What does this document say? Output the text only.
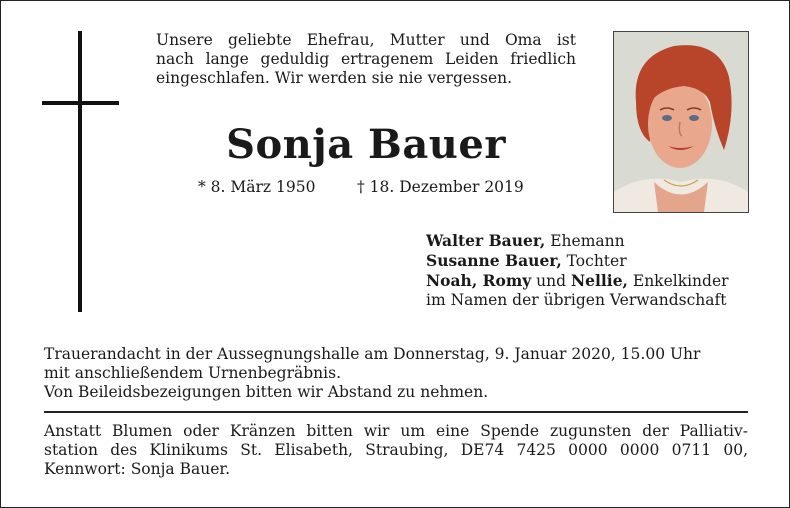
Unsere geliebte Ehefrau, Mutter und Oma ist
nach lange geduldig ertragenem Leiden friedlich
eingeschlafen. Wir werden sie nie vergessen.
Sonja Bauer
* 8. März 1950	† 18. Dezember 2019
Walter Bauer, Ehemann
Susanne Bauer, Tochter
Noah, Romy und Nellie, Enkelkinder
im Namen der übrigen Verwandschaft
Trauerandacht in der Aussegnungshalle am Donnerstag, 9. Januar 2020, 15.00 Uhr
mit anschließendem Urnenbegräbnis.
Von Beileidsbezeigungen bitten wir Abstand zu nehmen.
Anstatt Blumen oder Kränzen bitten wir um eine Spende zugunsten der Palliativ-
station des Klinikums St. Elisabeth, Straubing, DE74 7425 0000 0000 0711 00,
Kennwort: Sonja Bauer.
